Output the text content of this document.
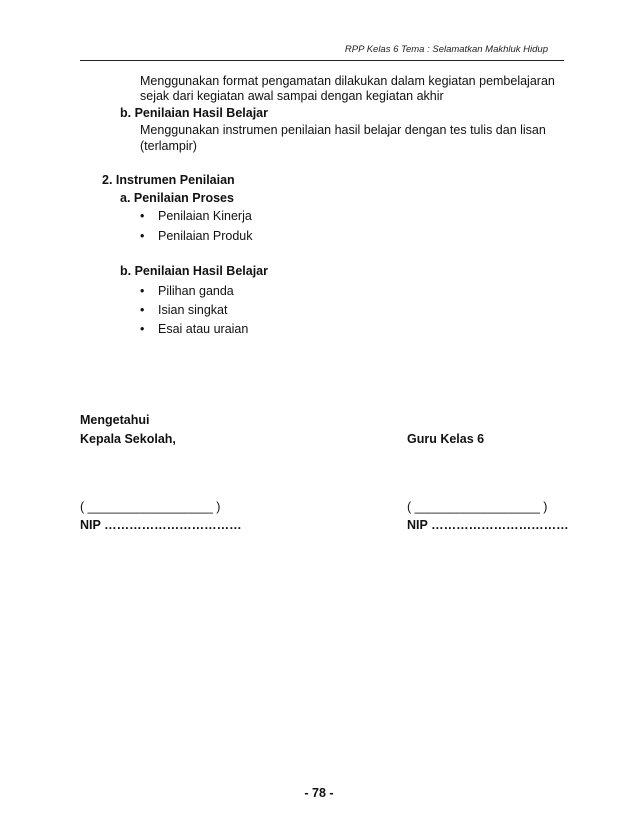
RPP Kelas 6 Tema : Selamatkan Makhluk Hidup
Menggunakan format pengamatan dilakukan dalam kegiatan pembelajaran
sejak dari kegiatan awal sampai dengan kegiatan akhir
b. Penilaian Hasil Belajar
Menggunakan instrumen penilaian hasil belajar dengan tes tulis dan lisan
(terlampir)
2. Instrumen Penilaian
a. Penilaian Proses
• Penilaian Kinerja
• Penilaian Produk
b. Penilaian Hasil Belajar
• Pilihan ganda
• Isian singkat
• Esai atau uraian
Mengetahui
Kepala Sekolah,	Guru Kelas 6
( __________________ )	( __________________ )
NIP ……………………………	NIP ……………………………
- 78 -
